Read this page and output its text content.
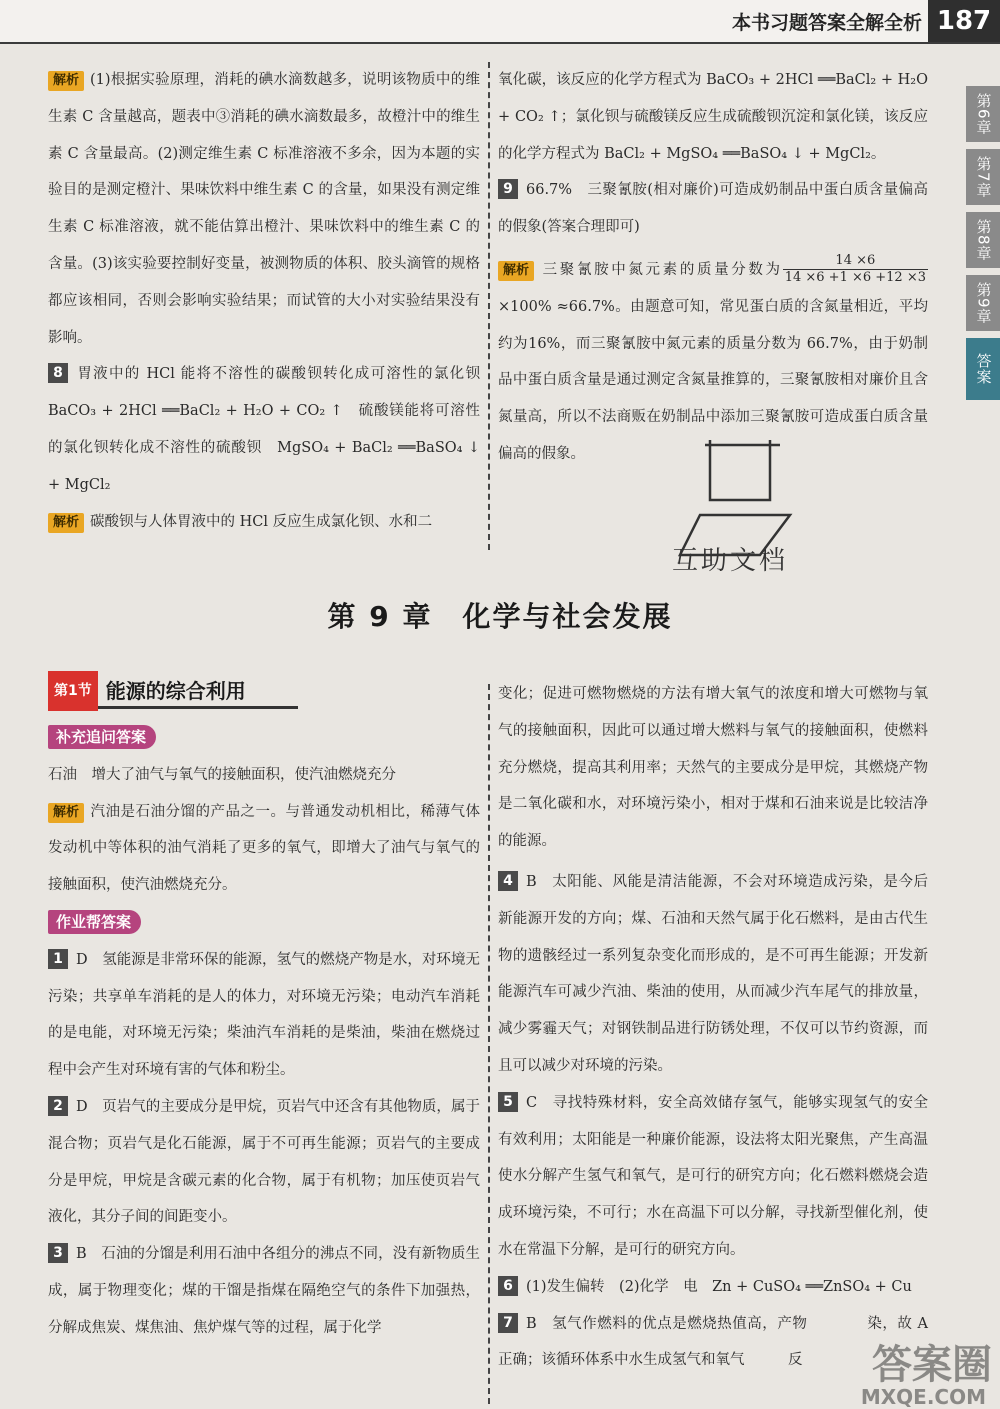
本书习题答案全解全析 187
第6章
第7章
第8章
第9章
答案

解析 (1)根据实验原理，消耗的碘水滴数越多，说明该物质中的维生素 C 含量越高，题表中③消耗的碘水滴数最多，故橙汁中的维生素 C 含量最高。(2)测定维生素 C 标准溶液不多余，因为本题的实验目的是测定橙汁、果味饮料中维生素 C 的含量，如果没有测定维生素 C 标准溶液，就不能估算出橙汁、果味饮料中的维生素 C 的含量。(3)该实验要控制好变量，被测物质的体积、胶头滴管的规格都应该相同，否则会影响实验结果；而试管的大小对实验结果没有影响。

8 胃液中的 HCl 能将不溶性的碳酸钡转化成可溶性的氯化钡　BaCO₃ + 2HCl ══BaCl₂ + H₂O + CO₂ ↑　硫酸镁能将可溶性的氯化钡转化成不溶性的硫酸钡　MgSO₄ + BaCl₂ ══BaSO₄ ↓ + MgCl₂

解析 碳酸钡与人体胃液中的 HCl 反应生成氯化钡、水和二

氧化碳，该反应的化学方程式为 BaCO₃ + 2HCl ══BaCl₂ + H₂O + CO₂ ↑；氯化钡与硫酸镁反应生成硫酸钡沉淀和氯化镁，该反应的化学方程式为 BaCl₂ + MgSO₄ ══BaSO₄ ↓ + MgCl₂。

9 66.7%　三聚氰胺(相对廉价)可造成奶制品中蛋白质含量偏高的假象(答案合理即可)

解析 三聚氰胺中氮元素的质量分数为 $\frac{14 \times 6}{14 \times 6 +1 \times 6 +12 \times 3}$
×100% ≈66.7%。由题意可知，常见蛋白质的含氮量相近，平均约为16%，而三聚氰胺中氮元素的质量分数为 66.7%，由于奶制品中蛋白质含量是通过测定含氮量推算的，三聚氰胺相对廉价且含氮量高，所以不法商贩在奶制品中添加三聚氰胺可造成蛋白质含量偏高的假象。

互助文档
第 9 章　化学与社会发展
第1节 能源的综合利用
补充追问答案

石油　增大了油气与氧气的接触面积，使汽油燃烧充分

解析 汽油是石油分馏的产品之一。与普通发动机相比，稀薄气体发动机中等体积的油气消耗了更多的氧气，即增大了油气与氧气的接触面积，使汽油燃烧充分。

作业帮答案

1 D　氢能源是非常环保的能源，氢气的燃烧产物是水，对环境无污染；共享单车消耗的是人的体力，对环境无污染；电动汽车消耗的是电能，对环境无污染；柴油汽车消耗的是柴油，柴油在燃烧过程中会产生对环境有害的气体和粉尘。

2 D　页岩气的主要成分是甲烷，页岩气中还含有其他物质，属于混合物；页岩气是化石能源，属于不可再生能源；页岩气的主要成分是甲烷，甲烷是含碳元素的化合物，属于有机物；加压使页岩气液化，其分子间的间距变小。

3 B　石油的分馏是利用石油中各组分的沸点不同，没有新物质生成，属于物理变化；煤的干馏是指煤在隔绝空气的条件下加强热，分解成焦炭、煤焦油、焦炉煤气等的过程，属于化学

变化；促进可燃物燃烧的方法有增大氧气的浓度和增大可燃物与氧气的接触面积，因此可以通过增大燃料与氧气的接触面积，使燃料充分燃烧，提高其利用率；天然气的主要成分是甲烷，其燃烧产物是二氧化碳和水，对环境污染小，相对于煤和石油来说是比较洁净的能源。

4 B　太阳能、风能是清洁能源，不会对环境造成污染，是今后新能源开发的方向；煤、石油和天然气属于化石燃料，是由古代生物的遗骸经过一系列复杂变化而形成的，是不可再生能源；开发新能源汽车可减少汽油、柴油的使用，从而减少汽车尾气的排放量，减少雾霾天气；对钢铁制品进行防锈处理，不仅可以节约资源，而且可以减少对环境的污染。

5 C　寻找特殊材料，安全高效储存氢气，能够实现氢气的安全有效利用；太阳能是一种廉价能源，设法将太阳光聚焦，产生高温使水分解产生氢气和氧气，是可行的研究方向；化石燃料燃烧会造成环境污染，不可行；水在高温下可以分解，寻找新型催化剂，使水在常温下分解，是可行的研究方向。

6 (1)发生偏转　(2)化学　电　Zn + CuSO₄ ══ZnSO₄ + Cu

7 B　氢气作燃料的优点是燃烧热值高，产物　　　　染，故 A 正确；该循环体系中水生成氢气和氧气　　　反	答案圈
MXQE.COM
